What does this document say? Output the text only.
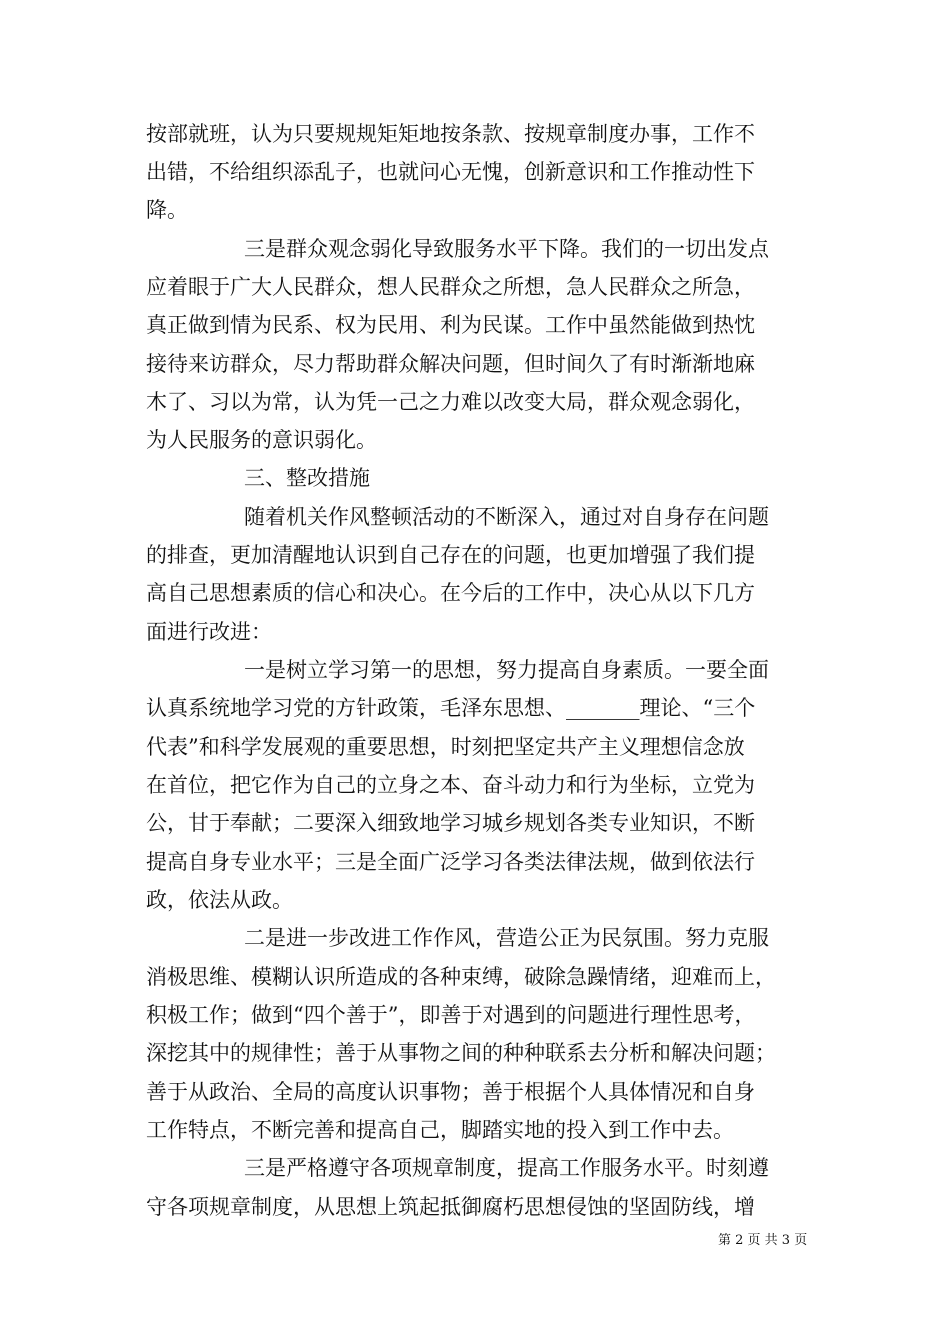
按部就班，认为只要规规矩矩地按条款、按规章制度办事，工作不
出错，不给组织添乱子，也就问心无愧，创新意识和工作推动性下
降。
三是群众观念弱化导致服务水平下降。我们的一切出发点
应着眼于广大人民群众，想人民群众之所想，急人民群众之所急，
真正做到情为民系、权为民用、利为民谋。工作中虽然能做到热忱
接待来访群众，尽力帮助群众解决问题，但时间久了有时渐渐地麻
木了、习以为常，认为凭一己之力难以改变大局，群众观念弱化，
为人民服务的意识弱化。
三、整改措施
随着机关作风整顿活动的不断深入，通过对自身存在问题
的排查，更加清醒地认识到自己存在的问题，也更加增强了我们提
高自己思想素质的信心和决心。在今后的工作中，决心从以下几方
面进行改进：
一是树立学习第一的思想，努力提高自身素质。一要全面
认真系统地学习党的方针政策，毛泽东思想、_______理论、“三个
代表”和科学发展观的重要思想，时刻把坚定共产主义理想信念放
在首位，把它作为自己的立身之本、奋斗动力和行为坐标，立党为
公，甘于奉献；二要深入细致地学习城乡规划各类专业知识，不断
提高自身专业水平；三是全面广泛学习各类法律法规，做到依法行
政，依法从政。
二是进一步改进工作作风，营造公正为民氛围。努力克服
消极思维、模糊认识所造成的各种束缚，破除急躁情绪，迎难而上，
积极工作；做到“四个善于”，即善于对遇到的问题进行理性思考，
深挖其中的规律性；善于从事物之间的种种联系去分析和解决问题；
善于从政治、全局的高度认识事物；善于根据个人具体情况和自身
工作特点，不断完善和提高自己，脚踏实地的投入到工作中去。
三是严格遵守各项规章制度，提高工作服务水平。时刻遵
守各项规章制度，从思想上筑起抵御腐朽思想侵蚀的坚固防线，增
第 2 页 共 3 页
